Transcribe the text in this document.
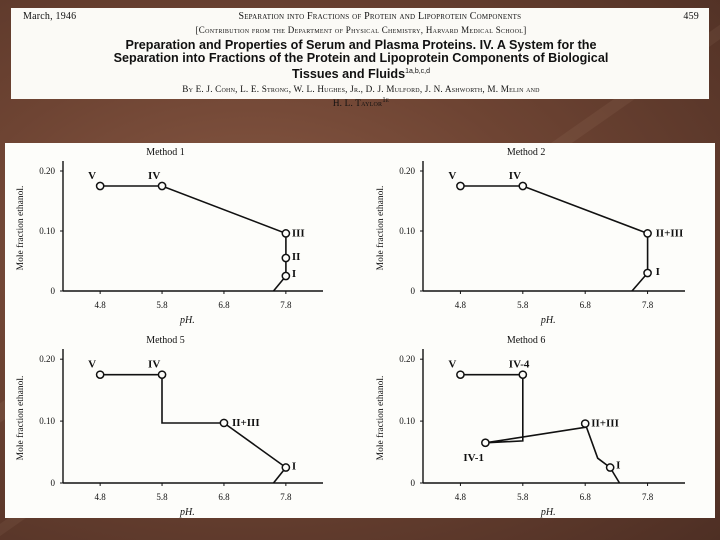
March, 1946	Separation into Fractions of Protein and Lipoprotein Components	459
[Contribution from the Department of Physical Chemistry, Harvard Medical School]
Preparation and Properties of Serum and Plasma Proteins. IV. A System for the
Separation into Fractions of the Protein and Lipoprotein Components of Biological
Tissues and Fluids$^{1a,b,c,d}$
By E. J. Cohn, L. E. Strong, W. L. Hughes, Jr., D. J. Mulford, J. N. Ashworth, M. Melin and
H. L. Taylor$^{1e}$
Method 1
0
0.10
0.20
4.8	5.8	6.8	7.8
pH.
Mole fraction ethanol.
V	IV
III
II
I
Method 2
0
0.10
0.20
4.8	5.8	6.8	7.8
pH.
Mole fraction ethanol.
V	IV
II+III
I
Method 5
0
0.10
0.20
4.8	5.8	6.8	7.8
pH.
Mole fraction ethanol.
V	IV
II+III
I
Method 6
0
0.10
0.20
4.8	5.8	6.8	7.8
pH.
Mole fraction ethanol.
V	IV-4
IV-1
II+III
I
